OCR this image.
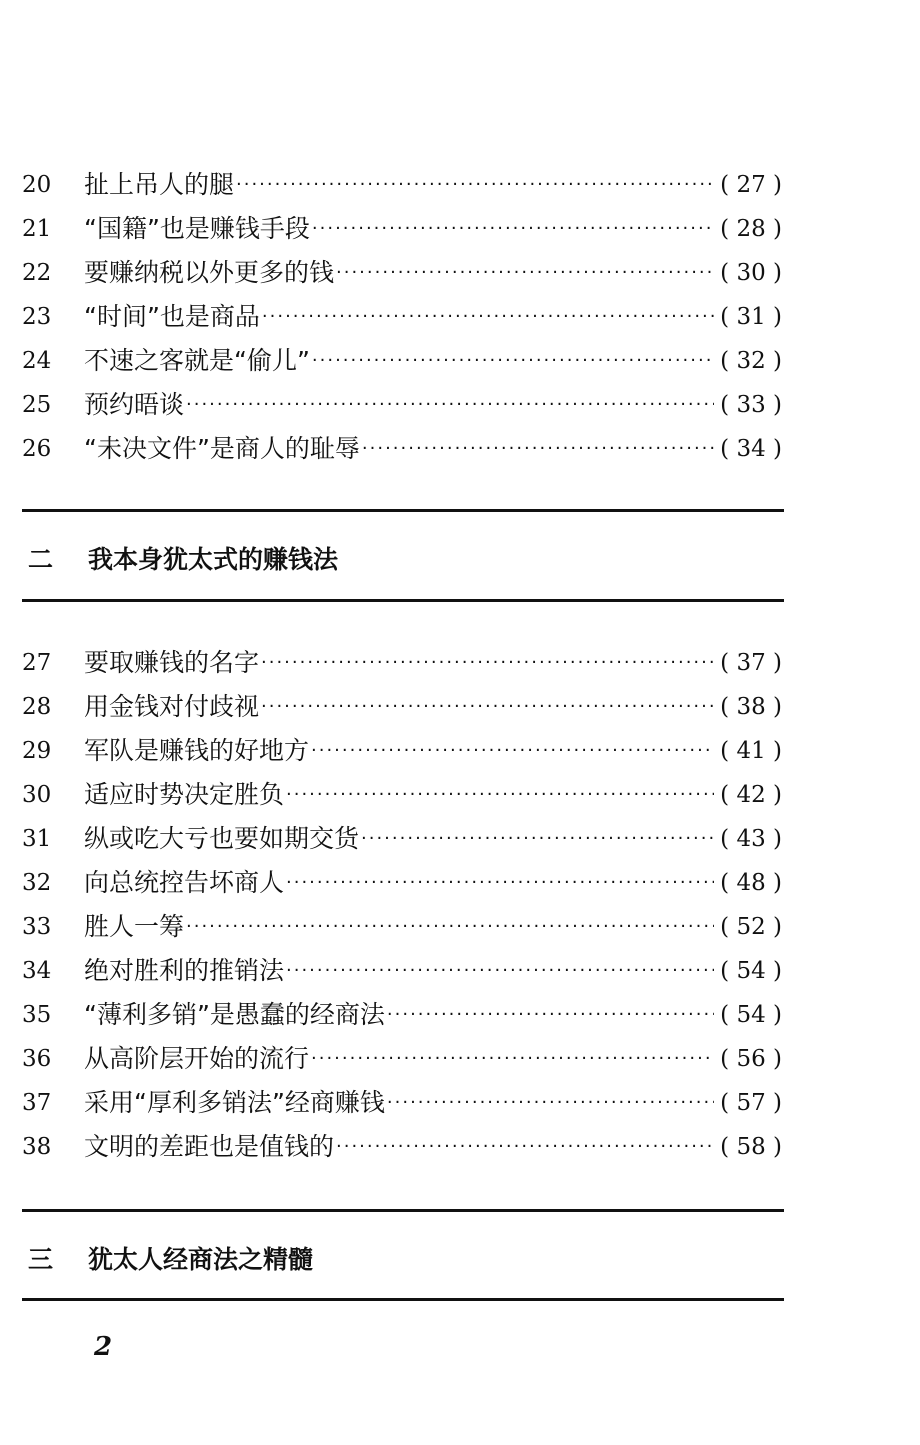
20	扯上吊人的腿 ·····	( 27 )
21	“国籍”也是赚钱手段 ·····	( 28 )
22	要赚纳税以外更多的钱 ·····	( 30 )
23	“时间”也是商品 ·····	( 31 )
24	不速之客就是“偷儿” ·····	( 32 )
25	预约晤谈 ·····	( 33 )
26	“未决文件”是商人的耻辱 ·····	( 34 )
二	我本身犹太式的赚钱法
27	要取赚钱的名字 ·····	( 37 )
28	用金钱对付歧视 ·····	( 38 )
29	军队是赚钱的好地方 ·····	( 41 )
30	适应时势决定胜负 ·····	( 42 )
31	纵或吃大亏也要如期交货 ·····	( 43 )
32	向总统控告坏商人 ·····	( 48 )
33	胜人一筹 ·····	( 52 )
34	绝对胜利的推销法 ·····	( 54 )
35	“薄利多销”是愚蠢的经商法 ·····	( 54 )
36	从高阶层开始的流行 ·····	( 56 )
37	采用“厚利多销法”经商赚钱 ·····	( 57 )
38	文明的差距也是值钱的 ·····	( 58 )
三	犹太人经商法之精髓
2
